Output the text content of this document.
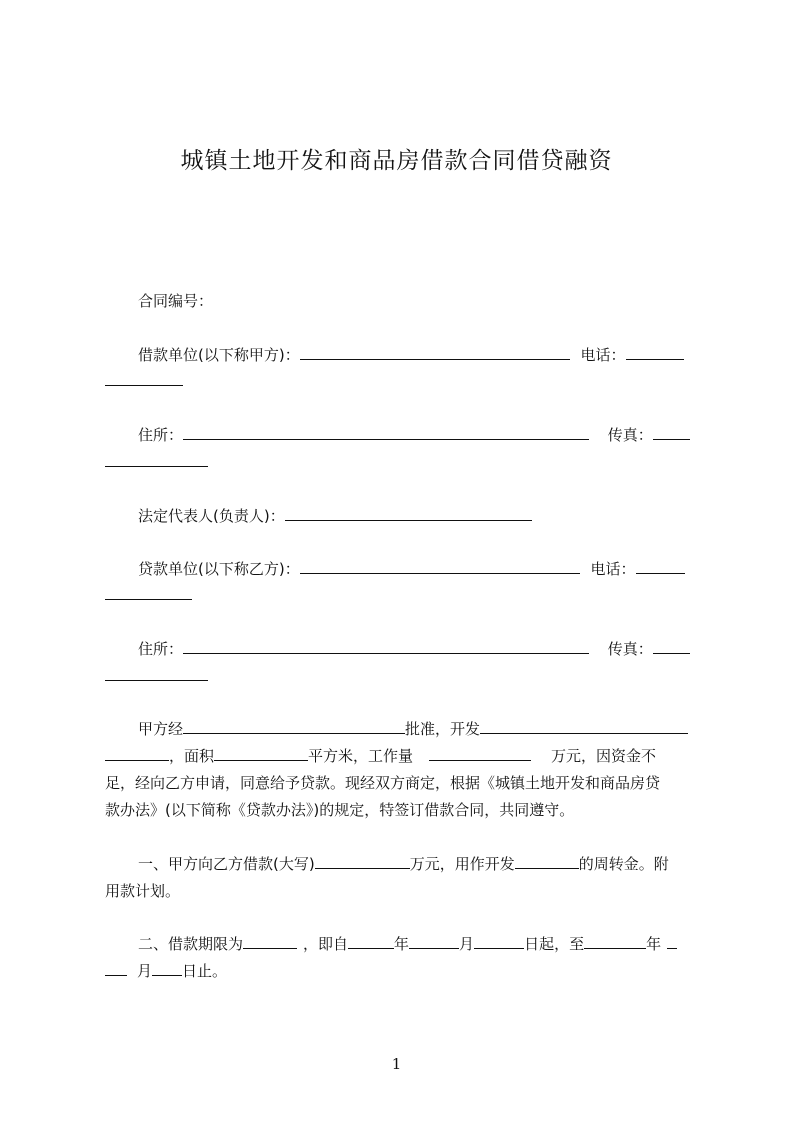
城镇土地开发和商品房借款合同借贷融资
合同编号：
借款单位(以下称甲方)：	电话：
住所：	传真：
法定代表人(负责人)：
贷款单位(以下称乙方)：	电话：
住所：	传真：

甲方经	批准，开发

，面积	平方米，工作量	万元，因资金不

足，经向乙方申请，同意给予贷款。现经双方商定，根据《城镇土地开发和商品房贷

款办法》(以下简称《贷款办法》)的规定，特签订借款合同，共同遵守。

一、甲方向乙方借款(大写)	万元，用作开发	的周转金。附

用款计划。

二、借款期限为	，即自	年	月	日起，至	年

月 日止。

1
